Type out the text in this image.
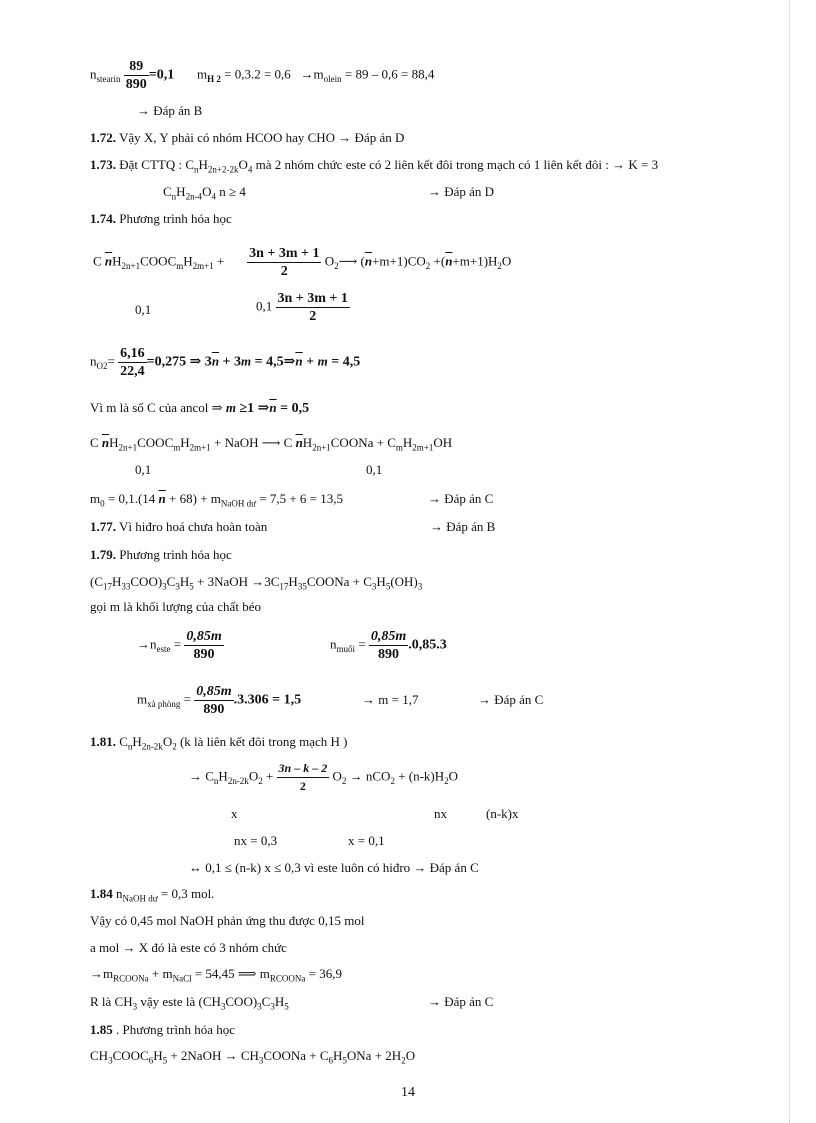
$n_{stearin} \frac{89}{890} =0,1$ $m_{H 2} = 0,3.2 = 0,6 \to m_{olein} = 89 - 0,6 = 88,4$
→ Đáp án B
1.72. Vậy X, Y phải có nhóm HCOO hay CHO → Đáp án D
1.73. Đặt CTTQ : $C_nH_{2n+2-2k}O_4$ mà 2 nhóm chức este có 2 liên kết đôi trong mạch có 1 liên kết đôi : → K = 3
$C_nH_{2n-4}O_4$ n ≥ 4	→ Đáp án D
1.74. Phương trình hóa học
C $\overline{n}H_{2n+1}COOC_mH_{2m+1} + \frac{3n + 3m + 1}{2}$ $O_2⟶$ $(\overline{n}+m+1)CO_2 +(\overline{n}+m+1)H_2O$
0,1	$0,1 \frac{3n + 3m + 1}{2}$
$n_{O2}= \frac{6,16}{22,4} =0,275$ ⇒ $3\overline{n} + 3m$ = $4,5\Rightarrow\overline{n} + m = 4,5$
Vì m là số C của ancol ⇒ m ≥1 $\Rightarrow\overline{n} = 0,5$
C $\overline{n}H_{2n+1}COOC_mH_{2m+1}$ + NaOH ⟶ C $\overline{n}H_{2n+1}COONa + C_mH_{2m+1}OH$
0,1	0,1
$m_0 = 0,1.(14$ $\overline{n} + 68) + m_{NaOH dư} = 7,5 + 6 = 13,5$	→ Đáp án C
1.77. Vì hiđro hoá chưa hoàn toàn	→ Đáp án B
1.79. Phương trình hóa học
$(C_{17}H_{33}COO)_3C_3H_5$ + 3NaOH $\to 3C_{17}H_{35}COONa + C_3H_5(OH)_3$
gọi m là khối lượng của chất béo
$\to n_{este} = \frac{0,85m}{890}$	$n_{muối} = \frac{0,85m}{890} .0,85.3$
$m_{xà phòng} = \frac{0,85m}{890} .3.306 = 1,5$	→ m = 1,7	→ Đáp án C
1.81. $C_nH_{2n-2k}O_2$ (k là liên kết đôi trong mạch H )
→ $C_nH_{2n-2k}O_2 + \frac{3n - k - 2}{2} O_2 \to nCO_2 + (n-k)H_2O$
x	nx	(n-k)x
nx = 0,3	x = 0,1
↔ 0,1 ≤ (n-k) x ≤ 0,3 vì este luôn có hiđro → Đáp án C
1.84 $n_{NaOH dư} = 0,3$ mol.
Vậy có 0,45 mol NaOH phản ứng thu được 0,15 mol
a mol → X đó là este có 3 nhóm chức
$\to m_{RCOONa} + m_{NaCl} = 54,45$ ⟹ $m_{RCOONa} = 36,9$
R là $CH_3$ vậy este là $(CH_3COO)_3C_3H_5$	→ Đáp án C
1.85 . Phương trình hóa học
$CH_3COOC_6H_5$ + 2NaOH → $CH_3COONa + C_6H_5ONa + 2H_2O$
14
